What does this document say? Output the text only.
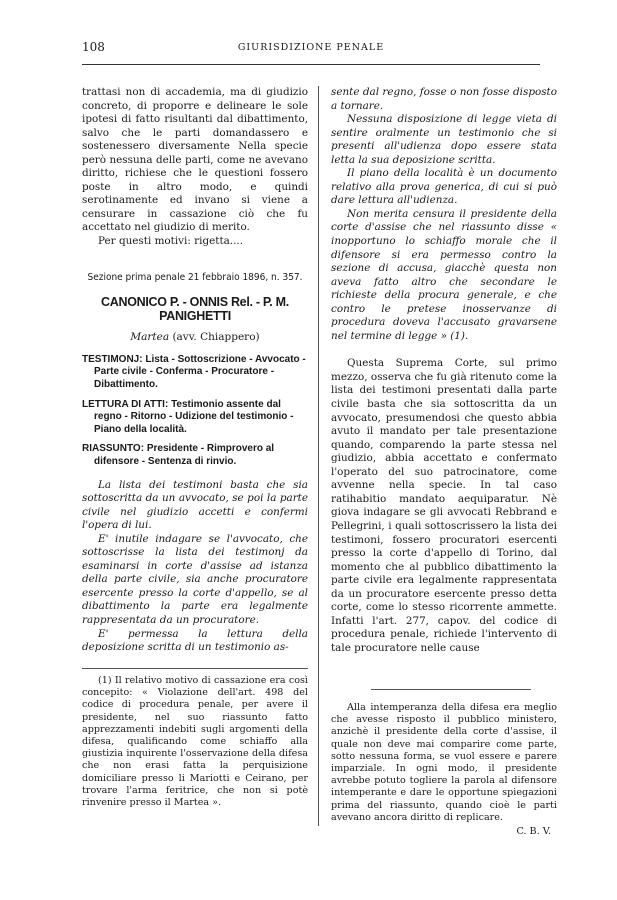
108	GIURISDIZIONE PENALE

trattasi non di accademia, ma di giudizio concreto, di proporre e delineare le sole ipotesi di fatto risultanti dal dibattimento, salvo che le parti domandassero e sostenessero diversamente Nella specie però nessuna delle parti, come ne avevano diritto, richiese che le questioni fossero poste in altro modo, e quindi serotinamente ed invano si viene a censurare in cassazione ciò che fu accettato nel giudizio di merito.

Per questi motivi: rigetta....

Sezione prima penale 21 febbraio 1896, n. 357.
CANONICO P. - ONNIS Rel. - P. M. PANIGHETTI
Martea (avv. Chiappero)
TESTIMONJ: Lista - Sottoscrizione - Avvocato - Parte civile - Conferma - Procuratore - Dibattimento.
LETTURA DI ATTI: Testimonio assente dal regno - Ritorno - Udizione del testimonio - Piano della località.
RIASSUNTO: Presidente - Rimprovero al difensore - Sentenza di rinvio.

La lista dei testimoni basta che sia sottoscritta da un avvocato, se poi la parte civile nel giudizio accetti e confermi l'opera di lui.

E' inutile indagare se l'avvocato, che sottoscrisse la lista dei testimonj da esaminarsi in corte d'assise ad istanza della parte civile, sia anche procuratore esercente presso la corte d'appello, se al dibattimento la parte era legalmente rappresentata da un procuratore.

E' permessa la lettura della deposizione scritta di un testimonio as-

(1) Il relativo motivo di cassazione era così concepito: « Violazione dell'art. 498 del codice di procedura penale, per avere il presidente, nel suo riassunto fatto apprezzamenti indebiti sugli argomenti della difesa, qualificando come schiaffo alla giustizia inquirente l'osservazione della difesa che non erasi fatta la perquisizione domiciliare presso li Mariotti e Ceirano, per trovare l'arma feritrice, che non si potè rinvenire presso il Martea ».

sente dal regno, fosse o non fosse disposto a tornare.

Nessuna disposizione di legge vieta di sentire oralmente un testimonio che si presenti all'udienza dopo essere stata letta la sua deposizione scritta.

Il piano della località è un documento relativo alla prova generica, di cui si può dare lettura all'udienza.

Non merita censura il presidente della corte d'assise che nel riassunto disse « inopportuno lo schiaffo morale che il difensore si era permesso contro la sezione di accusa, giacchè questa non aveva fatto altro che secondare le richieste della procura generale, e che contro le pretese inosservanze di procedura doveva l'accusato gravarsene nel termine di legge » (1).

Questa Suprema Corte, sul primo mezzo, osserva che fu già ritenuto come la lista dei testimoni presentati dalla parte civile basta che sia sottoscritta da un avvocato, presumendosi che questo abbia avuto il mandato per tale presentazione quando, comparendo la parte stessa nel giudizio, abbia accettato e confermato l'operato del suo patrocinatore, come avvenne nella specie. In tal caso ratihabitio mandato aequiparatur. Nè giova indagare se gli avvocati Rebbrand e Pellegrini, i quali sottoscrissero la lista dei testimoni, fossero procuratori esercenti presso la corte d'appello di Torino, dal momento che al pubblico dibattimento la parte civile era legalmente rappresentata da un procuratore esercente presso detta corte, come lo stesso ricorrente ammette. Infatti l'art. 277, capov. del codice di procedura penale, richiede l'intervento di tale procuratore nelle cause

Alla intemperanza della difesa era meglio che avesse risposto il pubblico ministero, anzichè il presidente della corte d'assise, il quale non deve mai comparire come parte, sotto nessuna forma, se vuol essere e parere imparziale. In ogni modo, il presidente avrebbe potuto togliere la parola al difensore intemperante e dare le opportune spiegazioni prima del riassunto, quando cioè le parti avevano ancora diritto di replicare.

C. B. V.
